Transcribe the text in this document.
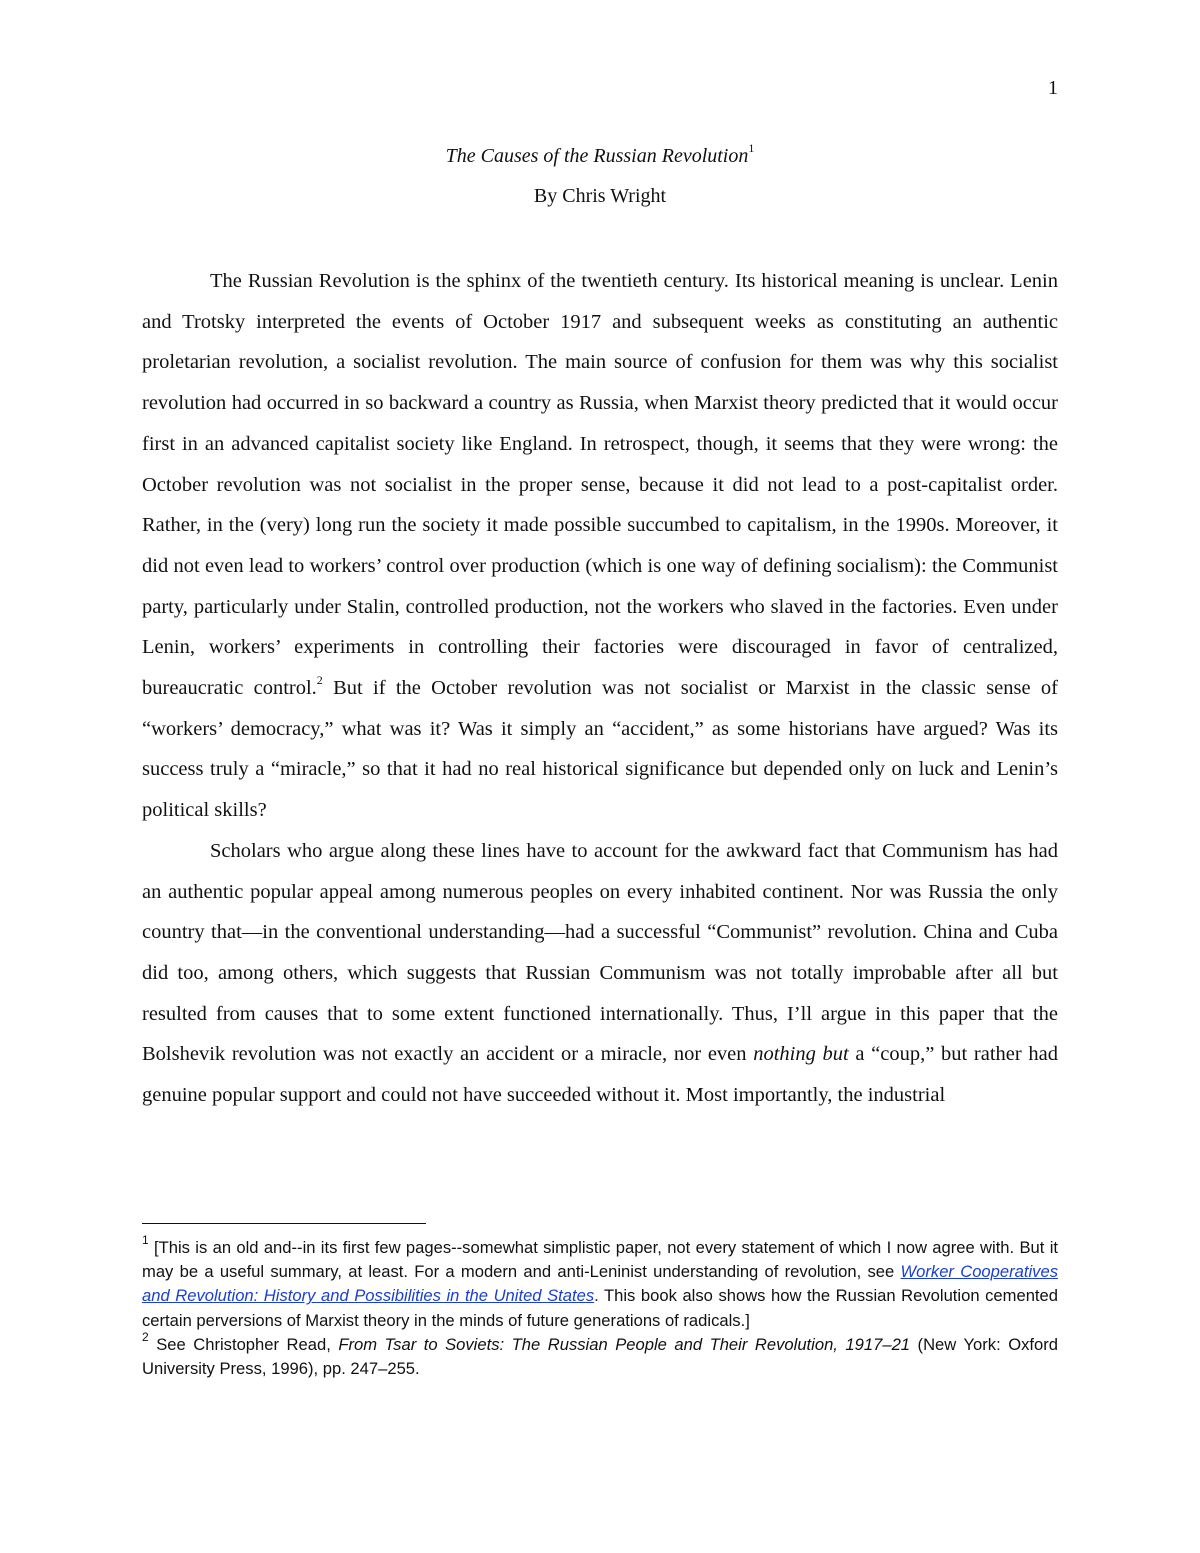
1
The Causes of the Russian Revolution$^1$
By Chris Wright

The Russian Revolution is the sphinx of the twentieth century. Its historical meaning is unclear. Lenin and Trotsky interpreted the events of October 1917 and subsequent weeks as constituting an authentic proletarian revolution, a socialist revolution. The main source of confusion for them was why this socialist revolution had occurred in so backward a country as Russia, when Marxist theory predicted that it would occur first in an advanced capitalist society like England. In retrospect, though, it seems that they were wrong: the October revolution was not socialist in the proper sense, because it did not lead to a post-capitalist order. Rather, in the (very) long run the society it made possible succumbed to capitalism, in the 1990s. Moreover, it did not even lead to workers’ control over production (which is one way of defining socialism): the Communist party, particularly under Stalin, controlled production, not the workers who slaved in the factories. Even under Lenin, workers’ experiments in controlling their factories were discouraged in favor of centralized, bureaucratic control.$^2$ But if the October revolution was not socialist or Marxist in the classic sense of “workers’ democracy,” what was it? Was it simply an “accident,” as some historians have argued? Was its success truly a “miracle,” so that it had no real historical significance but depended only on luck and Lenin’s political skills?

Scholars who argue along these lines have to account for the awkward fact that Communism has had an authentic popular appeal among numerous peoples on every inhabited continent. Nor was Russia the only country that—in the conventional understanding—had a successful “Communist” revolution. China and Cuba did too, among others, which suggests that Russian Communism was not totally improbable after all but resulted from causes that to some extent functioned internationally. Thus, I’ll argue in this paper that the Bolshevik revolution was not exactly an accident or a miracle, nor even nothing but a “coup,” but rather had genuine popular support and could not have succeeded without it. Most importantly, the industrial

$^1$ [This is an old and--in its first few pages--somewhat simplistic paper, not every statement of which I now agree with. But it may be a useful summary, at least. For a modern and anti-Leninist understanding of revolution, see Worker Cooperatives and Revolution: History and Possibilities in the United States. This book also shows how the Russian Revolution cemented certain perversions of Marxist theory in the minds of future generations of radicals.]

$^2$ See Christopher Read, From Tsar to Soviets: The Russian People and Their Revolution, 1917–21 (New York: Oxford University Press, 1996), pp. 247–255.
